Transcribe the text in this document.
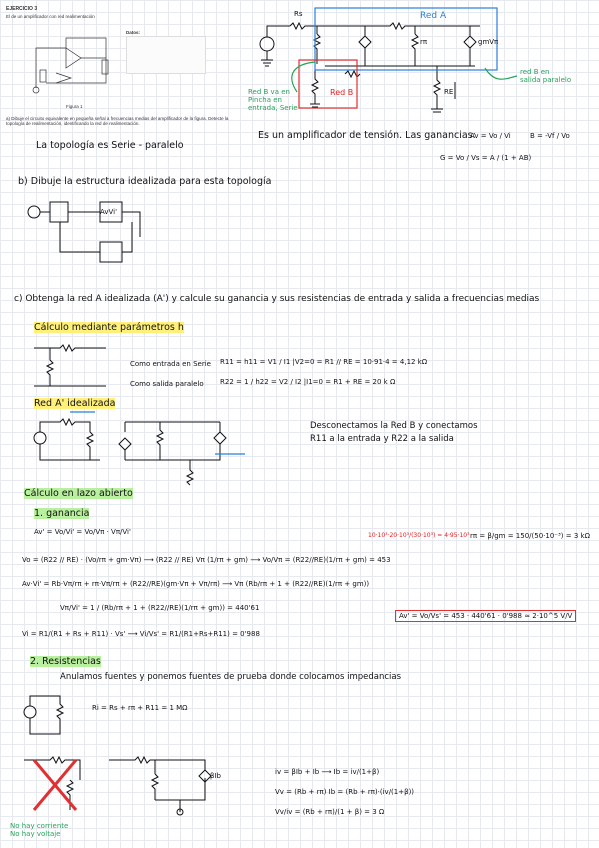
EJERCICIO 3
El de un amplificador con red realimentación
Datos:
Figura 1
a) Dibuje el circuito equivalente en pequeña señal a frecuencias medias del amplificador de la figura. Detecte la topología de realimentación, identificando la red de realimentación.
Red A
Red B
Red B va en
Pincha en
entrada, Serie
red B en
salida paralelo
Rs
rπ	gmVπ
RE
La topología es Serie - paralelo
Es un amplificador de tensión. Las ganancias:
Av = Vo / Vi	B = -Vf / Vo
G = Vo / Vs = A / (1 + AB)
b) Dibuje la estructura idealizada para esta topología
AvVi'
c) Obtenga la red A idealizada (A') y calcule su ganancia y sus resistencias de entrada y salida a frecuencias medias
Cálculo mediante parámetros h
Como entrada en Serie R11 = h11 = V1 / I1 |V2=0 = R1 // RE = 10·91·4 = 4,12 kΩ
Como salida paralelo R22 = 1 / h22 = V2 / I2 |I1=0 = R1 + RE = 20 k Ω
Red A' idealizada
Desconectamos la Red B y conectamos
R11 a la entrada y R22 a la salida
Cálculo en lazo abierto
1. ganancia
Av' = Vo/Vi' = Vo/Vπ · Vπ/Vi'	10·10³·20·10³/(30·10³) = 4·95·10³ rπ = β/gm = 150/(50·10⁻³) = 3 kΩ
Vo = (R22 // RE) · (Vo/rπ + gm·Vπ) ⟶ (R22 // RE) Vπ (1/rπ + gm) ⟶ Vo/Vπ = (R22//RE)(1/rπ + gm) = 453
Av·Vi' = Rb·Vπ/rπ + rπ·Vπ/rπ + (R22//RE)(gm·Vπ + Vπ/rπ) ⟶ Vπ (Rb/rπ + 1 + (R22//RE)(1/rπ + gm))
Vπ/Vi' = 1 / (Rb/rπ + 1 + (R22//RE)(1/rπ + gm)) = 440'61
Av' = Vo/Vs' = 453 · 440'61 · 0'988 ≈ 2·10^5 V/V
Vi = R1/(R1 + Rs + R11) · Vs' ⟶ Vi/Vs' = R1/(R1+Rs+R11) = 0'988
2. Resistencias
Anulamos fuentes y ponemos fuentes de prueba donde colocamos impedancias
Ri = Rs + rπ + R11 = 1 MΩ
No hay corriente
No hay voltaje
βIb	iv = βIb + Ib ⟶ Ib = iv/(1+β)
Vv = (Rb + rπ) Ib = (Rb + rπ)·(iv/(1+β))
Vv/iv = (Rb + rπ)/(1 + β) = 3 Ω
